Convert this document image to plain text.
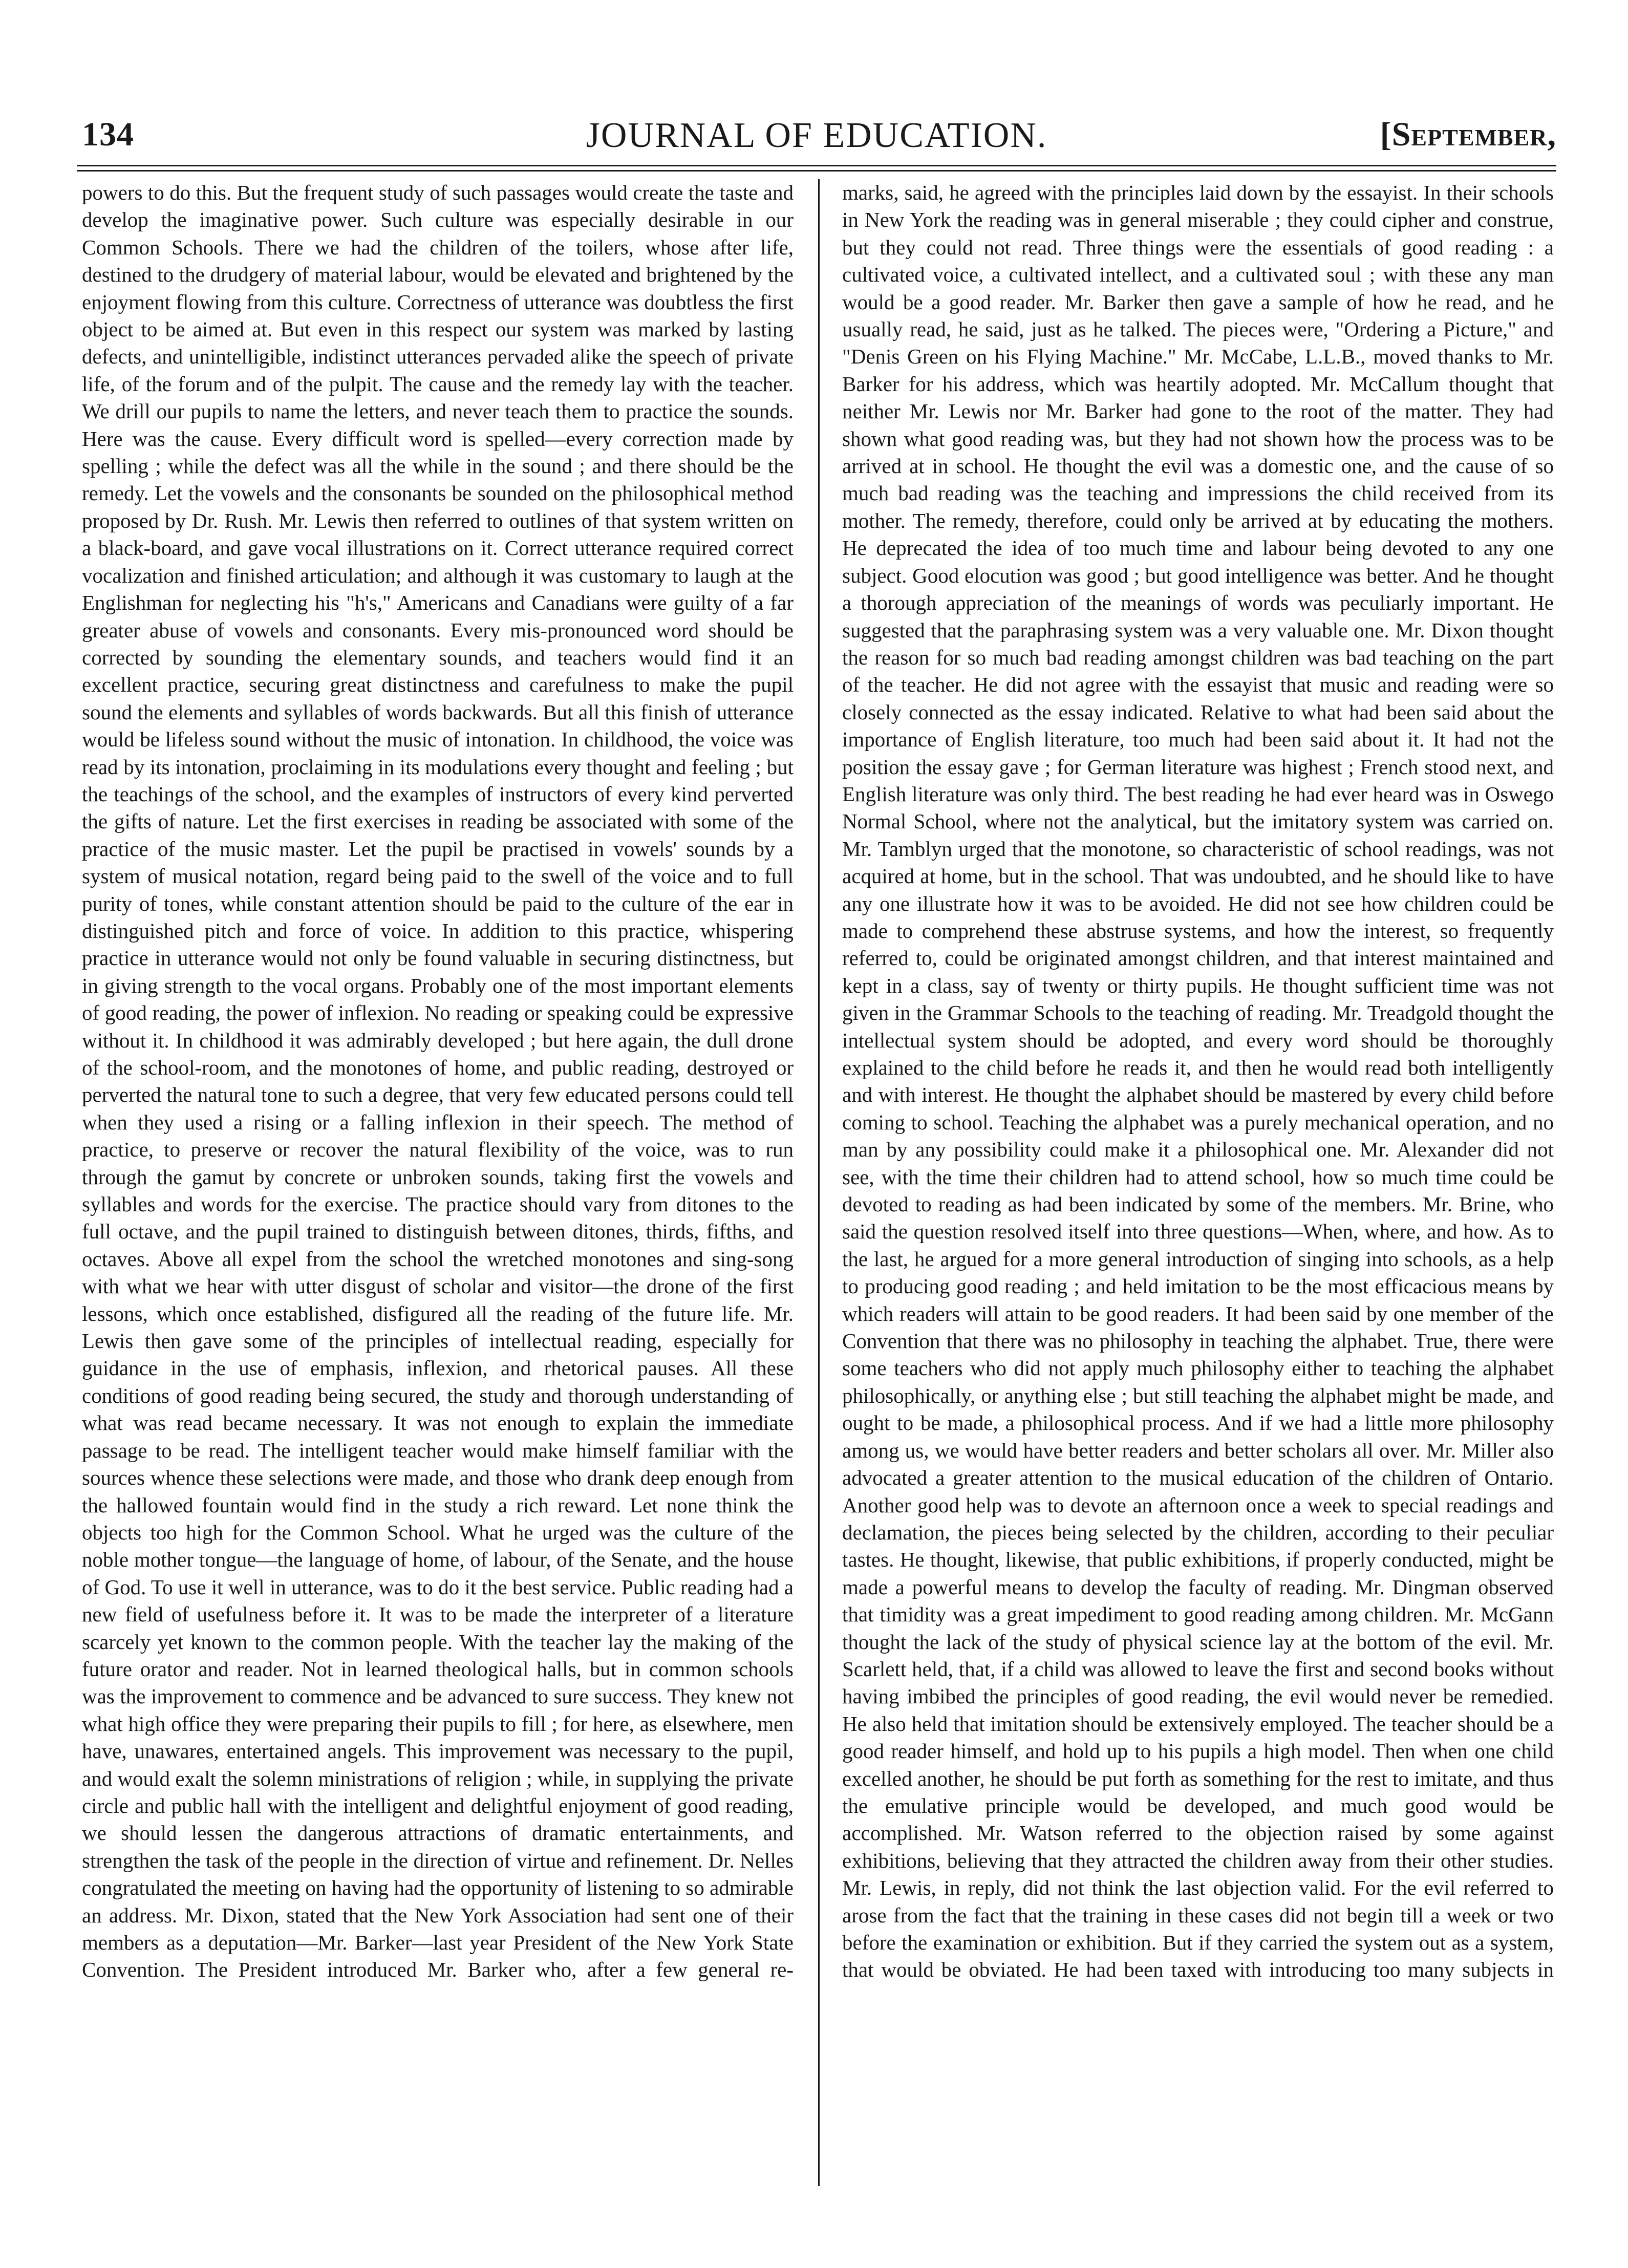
134	JOURNAL OF EDUCATION.	[September,

powers to do this. But the frequent study of such passages would create the taste and develop the imaginative power. Such culture was especially desirable in our Common Schools. There we had the children of the toilers, whose after life, destined to the drudgery of material labour, would be elevated and brightened by the enjoyment flowing from this culture. Correctness of utterance was doubtless the first object to be aimed at. But even in this respect our system was marked by lasting defects, and unintelligible, indistinct utterances pervaded alike the speech of private life, of the forum and of the pulpit. The cause and the remedy lay with the teacher. We drill our pupils to name the letters, and never teach them to practice the sounds. Here was the cause. Every difficult word is spelled—every correction made by spelling ; while the defect was all the while in the sound ; and there should be the remedy. Let the vowels and the consonants be sounded on the philosophical method proposed by Dr. Rush. Mr. Lewis then referred to outlines of that system written on a black-board, and gave vocal illustrations on it. Correct utterance required correct vocalization and finished articulation; and although it was customary to laugh at the Englishman for neglecting his "h's," Americans and Canadians were guilty of a far greater abuse of vowels and consonants. Every mis-pronounced word should be corrected by sounding the elementary sounds, and teachers would find it an excellent practice, securing great distinctness and carefulness to make the pupil sound the elements and syllables of words backwards. But all this finish of utterance would be lifeless sound without the music of intonation. In childhood, the voice was read by its intonation, proclaiming in its modulations every thought and feeling ; but the teachings of the school, and the examples of instructors of every kind perverted the gifts of nature. Let the first exercises in reading be associated with some of the practice of the music master. Let the pupil be practised in vowels' sounds by a system of musical notation, regard being paid to the swell of the voice and to full purity of tones, while constant attention should be paid to the culture of the ear in distinguished pitch and force of voice. In addition to this practice, whispering practice in utterance would not only be found valuable in securing distinctness, but in giving strength to the vocal organs. Probably one of the most important elements of good reading, the power of inflexion. No reading or speaking could be expressive without it. In childhood it was admirably developed ; but here again, the dull drone of the school-room, and the monotones of home, and public reading, destroyed or perverted the natural tone to such a degree, that very few educated persons could tell when they used a rising or a falling inflexion in their speech. The method of practice, to preserve or recover the natural flexibility of the voice, was to run through the gamut by concrete or unbroken sounds, taking first the vowels and syllables and words for the exercise. The practice should vary from ditones to the full octave, and the pupil trained to distinguish between ditones, thirds, fifths, and octaves. Above all expel from the school the wretched monotones and sing-song with what we hear with utter disgust of scholar and visitor—the drone of the first lessons, which once established, disfigured all the reading of the future life. Mr. Lewis then gave some of the principles of intellectual reading, especially for guidance in the use of emphasis, inflexion, and rhetorical pauses. All these conditions of good reading being secured, the study and thorough understanding of what was read became necessary. It was not enough to explain the immediate passage to be read. The intelligent teacher would make himself familiar with the sources whence these selections were made, and those who drank deep enough from the hallowed fountain would find in the study a rich reward. Let none think the objects too high for the Common School. What he urged was the culture of the noble mother tongue—the language of home, of labour, of the Senate, and the house of God. To use it well in utterance, was to do it the best service. Public reading had a new field of usefulness before it. It was to be made the interpreter of a literature scarcely yet known to the common people. With the teacher lay the making of the future orator and reader. Not in learned theological halls, but in common schools was the improvement to commence and be advanced to sure success. They knew not what high office they were preparing their pupils to fill ; for here, as elsewhere, men have, unawares, entertained angels. This improvement was necessary to the pupil, and would exalt the solemn ministrations of religion ; while, in supplying the private circle and public hall with the intelligent and delightful enjoyment of good reading, we should lessen the dangerous attractions of dramatic entertainments, and strengthen the task of the people in the direction of virtue and refinement. Dr. Nelles congratulated the meeting on having had the opportunity of listening to so admirable an address. Mr. Dixon, stated that the New York Association had sent one of their members as a deputation—Mr. Barker—last year President of the New York State Convention. The President introduced Mr. Barker who, after a few general re-

marks, said, he agreed with the principles laid down by the essayist. In their schools in New York the reading was in general miserable ; they could cipher and construe, but they could not read. Three things were the essentials of good reading : a cultivated voice, a cultivated intellect, and a cultivated soul ; with these any man would be a good reader. Mr. Barker then gave a sample of how he read, and he usually read, he said, just as he talked. The pieces were, "Ordering a Picture," and "Denis Green on his Flying Machine." Mr. McCabe, L.L.B., moved thanks to Mr. Barker for his address, which was heartily adopted. Mr. McCallum thought that neither Mr. Lewis nor Mr. Barker had gone to the root of the matter. They had shown what good reading was, but they had not shown how the process was to be arrived at in school. He thought the evil was a domestic one, and the cause of so much bad reading was the teaching and impressions the child received from its mother. The remedy, therefore, could only be arrived at by educating the mothers. He deprecated the idea of too much time and labour being devoted to any one subject. Good elocution was good ; but good intelligence was better. And he thought a thorough appreciation of the meanings of words was peculiarly important. He suggested that the paraphrasing system was a very valuable one. Mr. Dixon thought the reason for so much bad reading amongst children was bad teaching on the part of the teacher. He did not agree with the essayist that music and reading were so closely connected as the essay indicated. Relative to what had been said about the importance of English literature, too much had been said about it. It had not the position the essay gave ; for German literature was highest ; French stood next, and English literature was only third. The best reading he had ever heard was in Oswego Normal School, where not the analytical, but the imitatory system was carried on. Mr. Tamblyn urged that the monotone, so characteristic of school readings, was not acquired at home, but in the school. That was undoubted, and he should like to have any one illustrate how it was to be avoided. He did not see how children could be made to comprehend these abstruse systems, and how the interest, so frequently referred to, could be originated amongst children, and that interest maintained and kept in a class, say of twenty or thirty pupils. He thought sufficient time was not given in the Grammar Schools to the teaching of reading. Mr. Treadgold thought the intellectual system should be adopted, and every word should be thoroughly explained to the child before he reads it, and then he would read both intelligently and with interest. He thought the alphabet should be mastered by every child before coming to school. Teaching the alphabet was a purely mechanical operation, and no man by any possibility could make it a philosophical one. Mr. Alexander did not see, with the time their children had to attend school, how so much time could be devoted to reading as had been indicated by some of the members. Mr. Brine, who said the question resolved itself into three questions—When, where, and how. As to the last, he argued for a more general introduction of singing into schools, as a help to producing good reading ; and held imitation to be the most efficacious means by which readers will attain to be good readers. It had been said by one member of the Convention that there was no philosophy in teaching the alphabet. True, there were some teachers who did not apply much philosophy either to teaching the alphabet philosophically, or anything else ; but still teaching the alphabet might be made, and ought to be made, a philosophical process. And if we had a little more philosophy among us, we would have better readers and better scholars all over. Mr. Miller also advocated a greater attention to the musical education of the children of Ontario. Another good help was to devote an afternoon once a week to special readings and declamation, the pieces being selected by the children, according to their peculiar tastes. He thought, likewise, that public exhibitions, if properly conducted, might be made a powerful means to develop the faculty of reading. Mr. Dingman observed that timidity was a great impediment to good reading among children. Mr. McGann thought the lack of the study of physical science lay at the bottom of the evil. Mr. Scarlett held, that, if a child was allowed to leave the first and second books without having imbibed the principles of good reading, the evil would never be remedied. He also held that imitation should be extensively employed. The teacher should be a good reader himself, and hold up to his pupils a high model. Then when one child excelled another, he should be put forth as something for the rest to imitate, and thus the emulative principle would be developed, and much good would be accomplished. Mr. Watson referred to the objection raised by some against exhibitions, believing that they attracted the children away from their other studies. Mr. Lewis, in reply, did not think the last objection valid. For the evil referred to arose from the fact that the training in these cases did not begin till a week or two before the examination or exhibition. But if they carried the system out as a system, that would be obviated. He had been taxed with introducing too many subjects in
